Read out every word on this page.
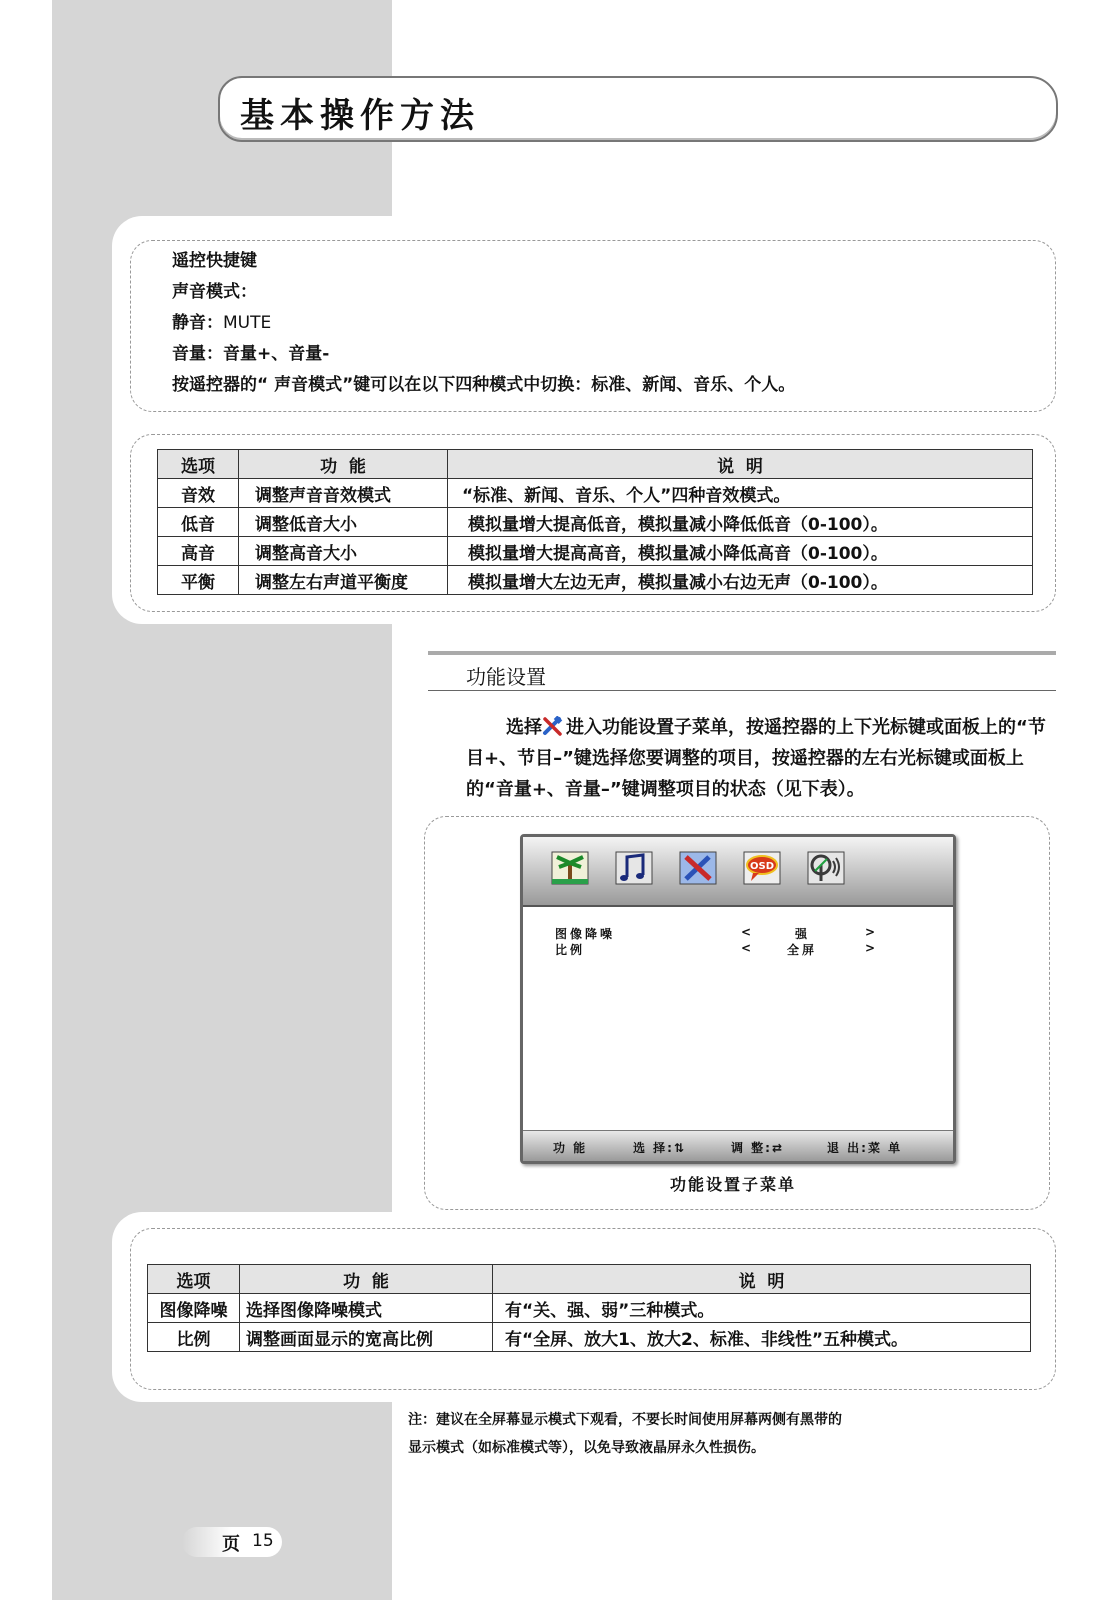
基本操作方法
遥控快捷键
声音模式：
静音：MUTE
音量：音量+、音量-
按遥控器的“ 声音模式”键可以在以下四种模式中切换：标准、新闻、音乐、个人。
选项	功  能	说  明
音效	调整声音音效模式	“标准、新闻、音乐、个人”四种音效模式。
低音	调整低音大小	模拟量增大提高低音，模拟量减小降低低音（0-100）。
高音	调整高音大小	模拟量增大提高高音，模拟量减小降低高音（0-100）。
平衡	调整左右声道平衡度	模拟量增大左边无声，模拟量减小右边无声（0-100）。
功能设置
选择 进入功能设置子菜单，按遥控器的上下光标键或面板上的“节目+、节目–”键选择您要调整的项目，按遥控器的左右光标键或面板上的“音量+、音量–”键调整项目的状态（见下表）。
OSD
图像降噪	<	强	>
比例	<	全屏	>
功 能	选 择:⇅	调 整:⇄	退 出:菜 单
功能设置子菜单
选项	功  能	说  明
图像降噪	选择图像降噪模式	有“关、强、弱”三种模式。
比例	调整画面显示的宽高比例	有“全屏、放大1、放大2、标准、非线性”五种模式。
注：建议在全屏幕显示模式下观看，不要长时间使用屏幕两侧有黑带的
显示模式（如标准模式等），以免导致液晶屏永久性损伤。
页 15
